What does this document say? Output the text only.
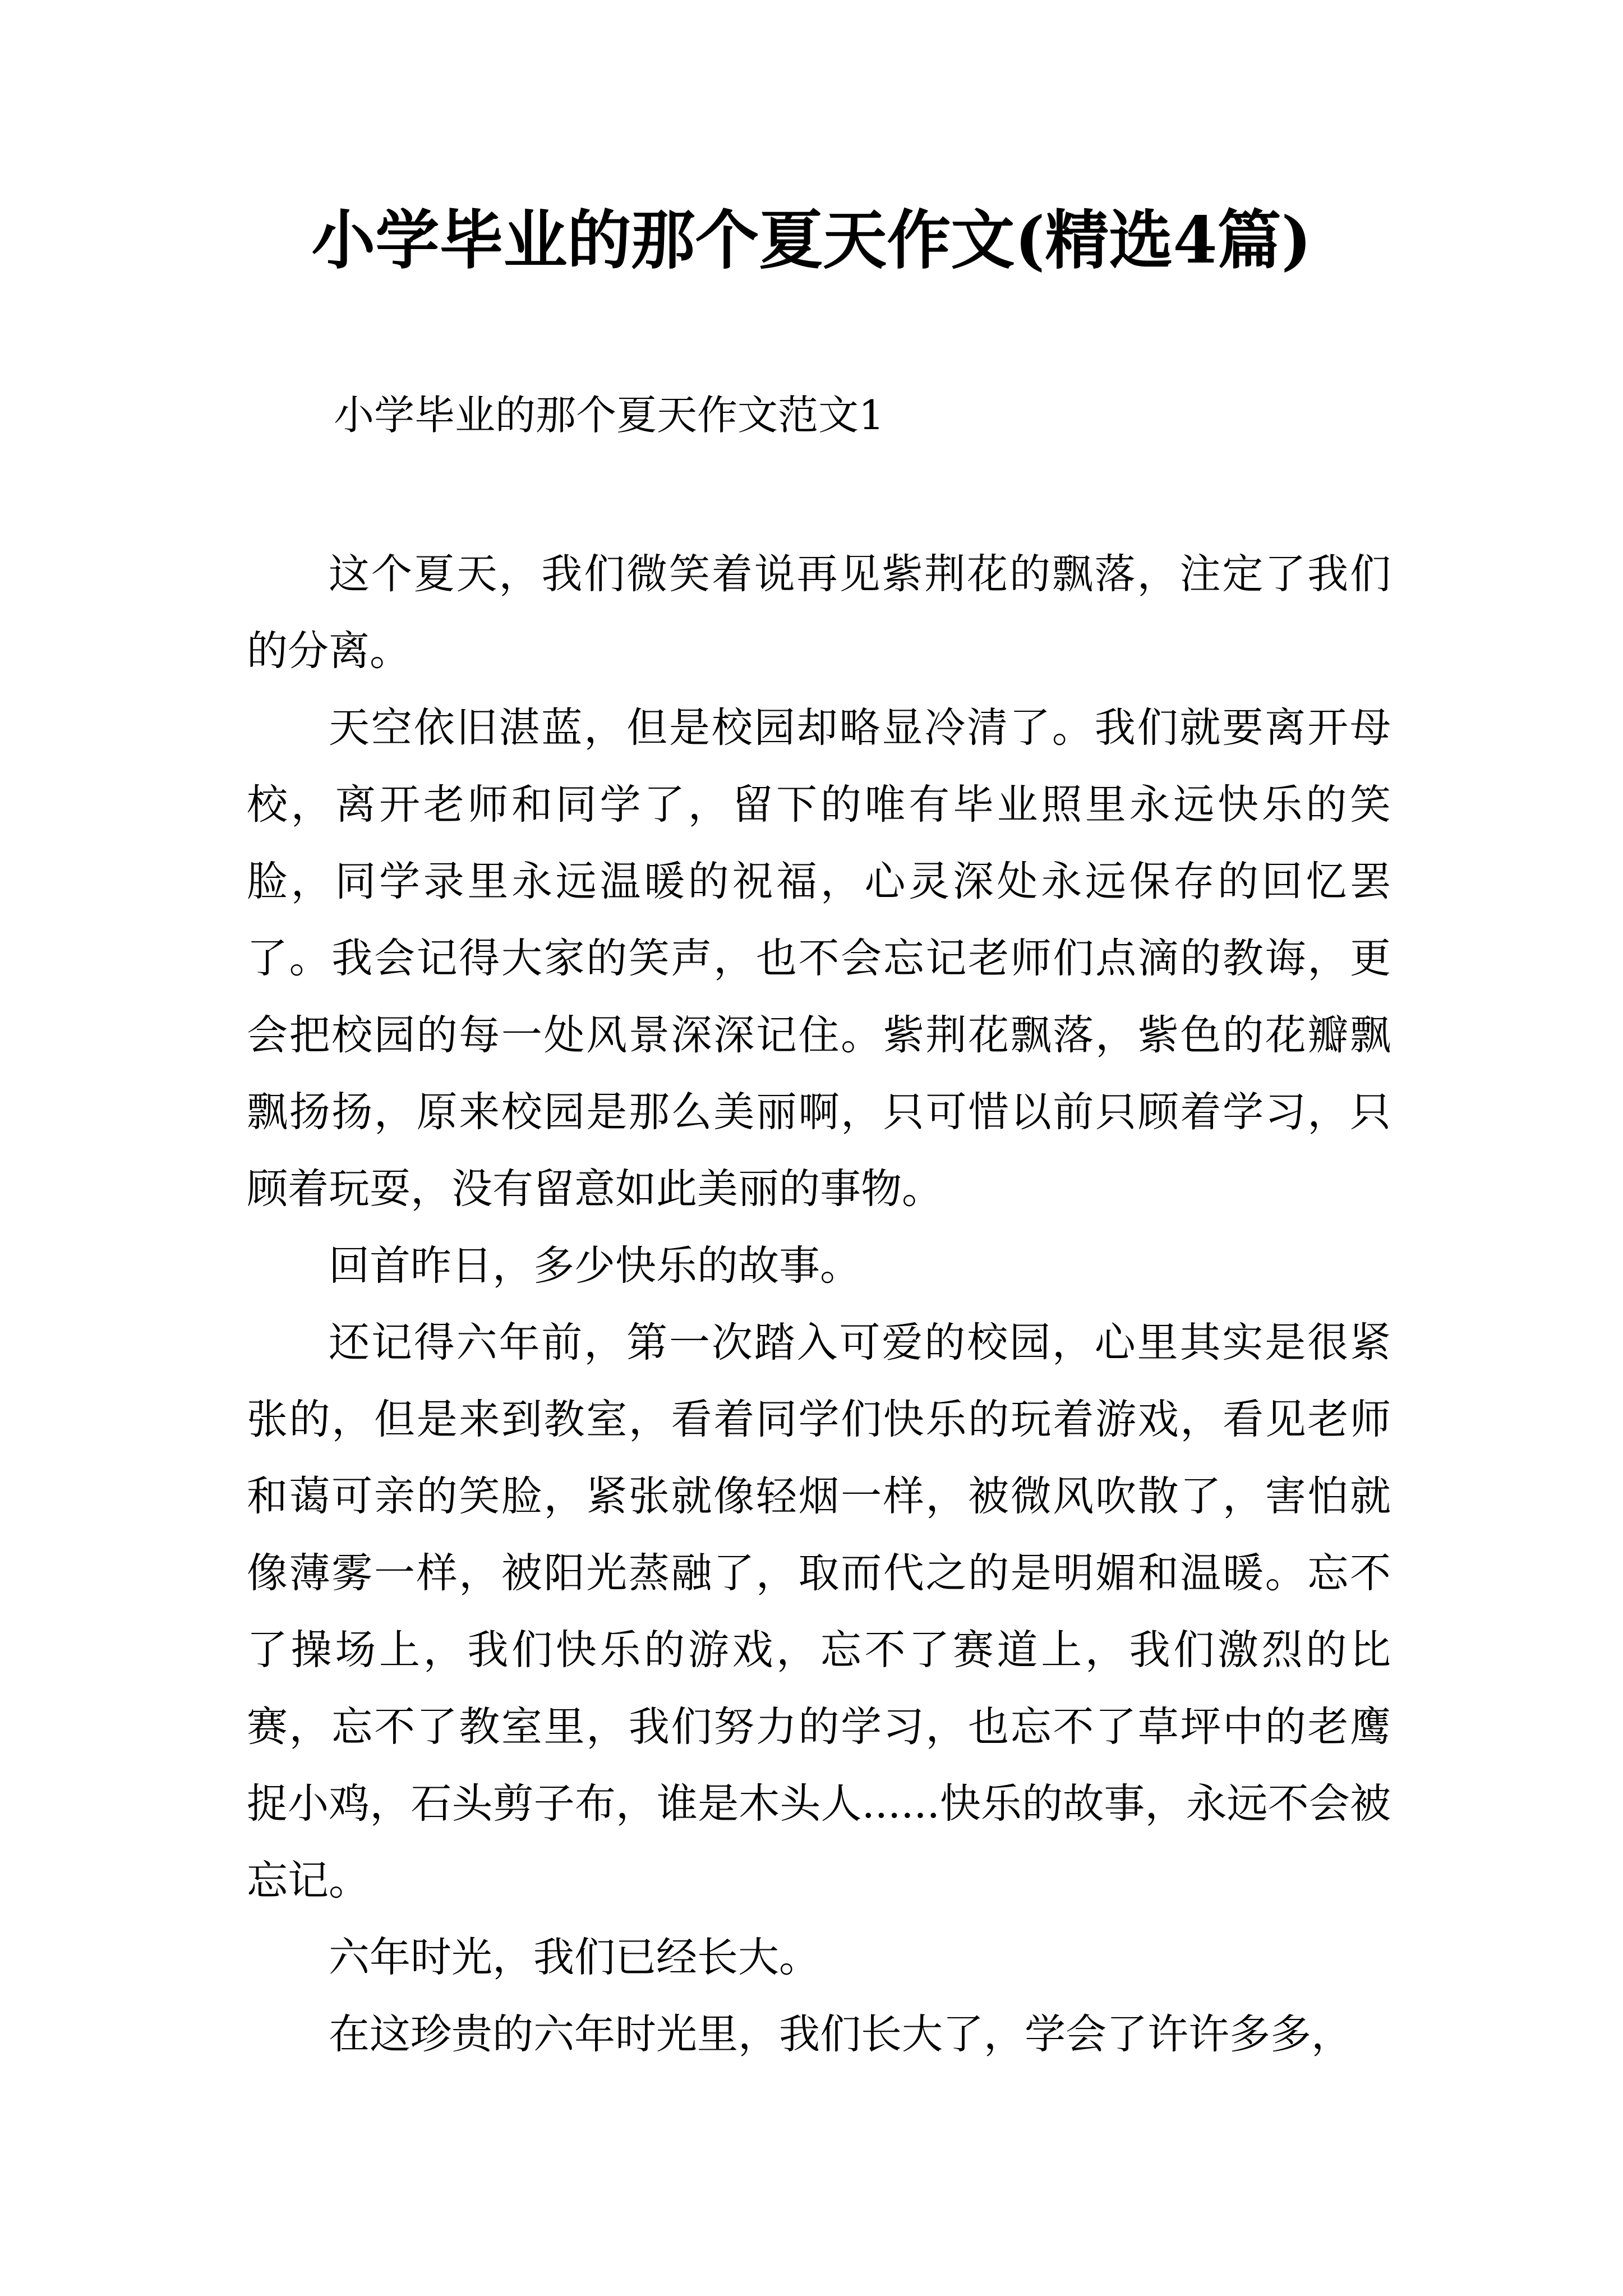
小学毕业的那个夏天作文(精选4篇)
小学毕业的那个夏天作文范文1

这个夏天，我们微笑着说再见紫荆花的飘落，注定了我们的分离。

天空依旧湛蓝，但是校园却略显冷清了。我们就要离开母校，离开老师和同学了，留下的唯有毕业照里永远快乐的笑脸，同学录里永远温暖的祝福，心灵深处永远保存的回忆罢了。我会记得大家的笑声，也不会忘记老师们点滴的教诲，更会把校园的每一处风景深深记住。紫荆花飘落，紫色的花瓣飘飘扬扬，原来校园是那么美丽啊，只可惜以前只顾着学习，只顾着玩耍，没有留意如此美丽的事物。

回首昨日，多少快乐的故事。

还记得六年前，第一次踏入可爱的校园，心里其实是很紧张的，但是来到教室，看着同学们快乐的玩着游戏，看见老师和蔼可亲的笑脸，紧张就像轻烟一样，被微风吹散了，害怕就像薄雾一样，被阳光蒸融了，取而代之的是明媚和温暖。忘不了操场上，我们快乐的游戏，忘不了赛道上，我们激烈的比赛，忘不了教室里，我们努力的学习，也忘不了草坪中的老鹰捉小鸡，石头剪子布，谁是木头人......快乐的故事，永远不会被忘记。

六年时光，我们已经长大。

在这珍贵的六年时光里，我们长大了，学会了许许多多，
